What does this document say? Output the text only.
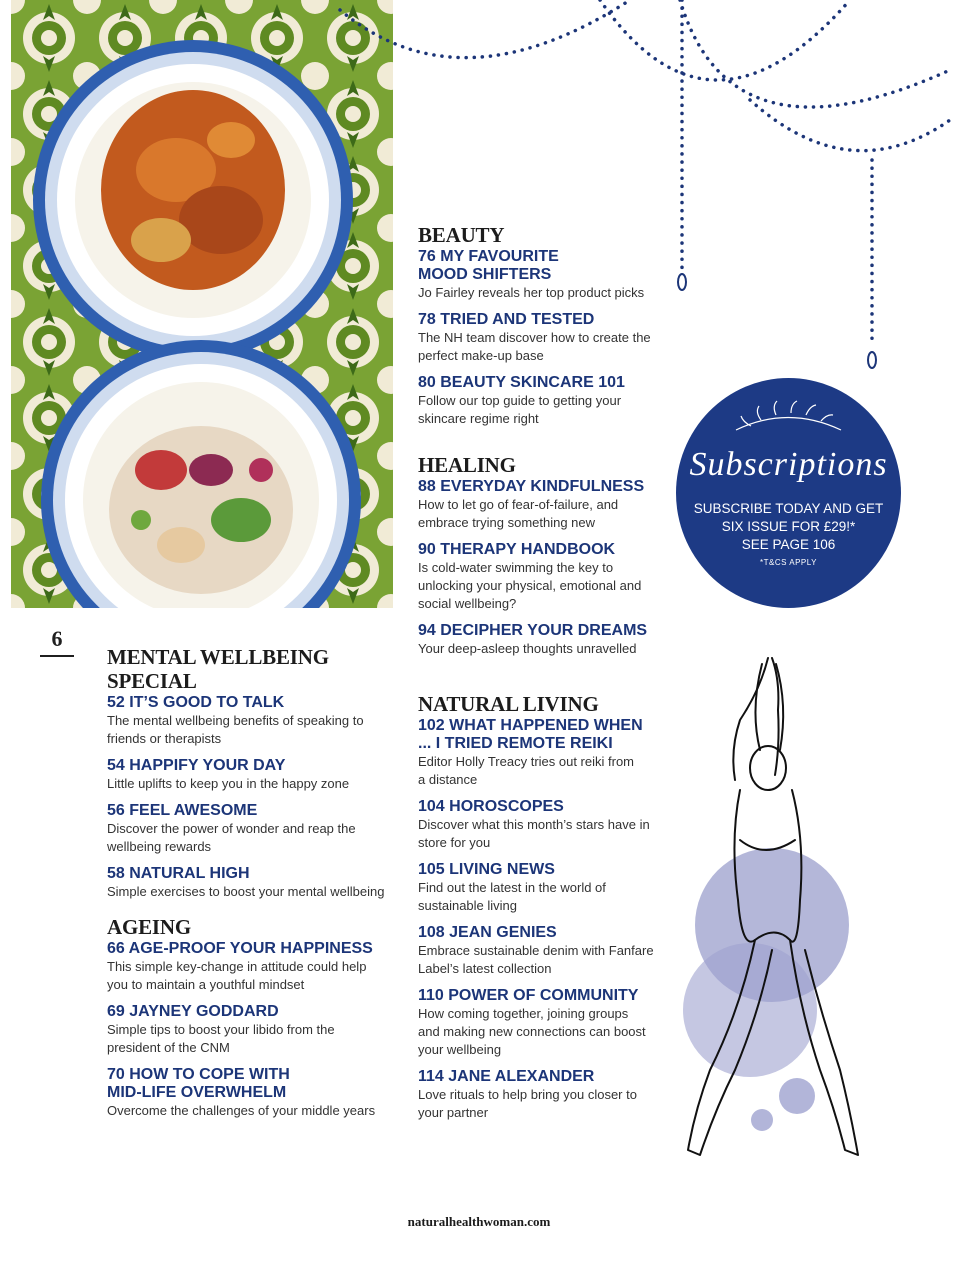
6
MENTAL WELLBEING SPECIAL
52 IT’S GOOD TO TALK
The mental wellbeing benefits of speaking to
friends or therapists
54 HAPPIFY YOUR DAY
Little uplifts to keep you in the happy zone
56 FEEL AWESOME
Discover the power of wonder and reap the
wellbeing rewards
58 NATURAL HIGH
Simple exercises to boost your mental wellbeing
AGEING
66 AGE-PROOF YOUR HAPPINESS
This simple key-change in attitude could help
you to maintain a youthful mindset
69 JAYNEY GODDARD
Simple tips to boost your libido from the
president of the CNM
70 HOW TO COPE WITH
MID-LIFE OVERWHELM
Overcome the challenges of your middle years
BEAUTY
76 MY FAVOURITE
MOOD SHIFTERS
Jo Fairley reveals her top product picks
78 TRIED AND TESTED
The NH team discover how to create the
perfect make-up base
80 BEAUTY SKINCARE 101
Follow our top guide to getting your
skincare regime right
HEALING
88 EVERYDAY KINDFULNESS
How to let go of fear-of-failure, and
embrace trying something new
90 THERAPY HANDBOOK
Is cold-water swimming the key to
unlocking your physical, emotional and
social wellbeing?
94 DECIPHER YOUR DREAMS
Your deep-asleep thoughts unravelled
NATURAL LIVING
102 WHAT HAPPENED WHEN
... I TRIED REMOTE REIKI
Editor Holly Treacy tries out reiki from
a distance
104 HOROSCOPES
Discover what this month’s stars have in
store for you
105 LIVING NEWS
Find out the latest in the world of
sustainable living
108 JEAN GENIES
Embrace sustainable denim with Fanfare
Label’s latest collection
110 POWER OF COMMUNITY
How coming together, joining groups
and making new connections can boost
your wellbeing
114 JANE ALEXANDER
Love rituals to help bring you closer to
your partner
Subscriptions
SUBSCRIBE TODAY AND GET
SIX ISSUE FOR £29!*
SEE PAGE 106
*T&CS APPLY
naturalhealthwoman.com
